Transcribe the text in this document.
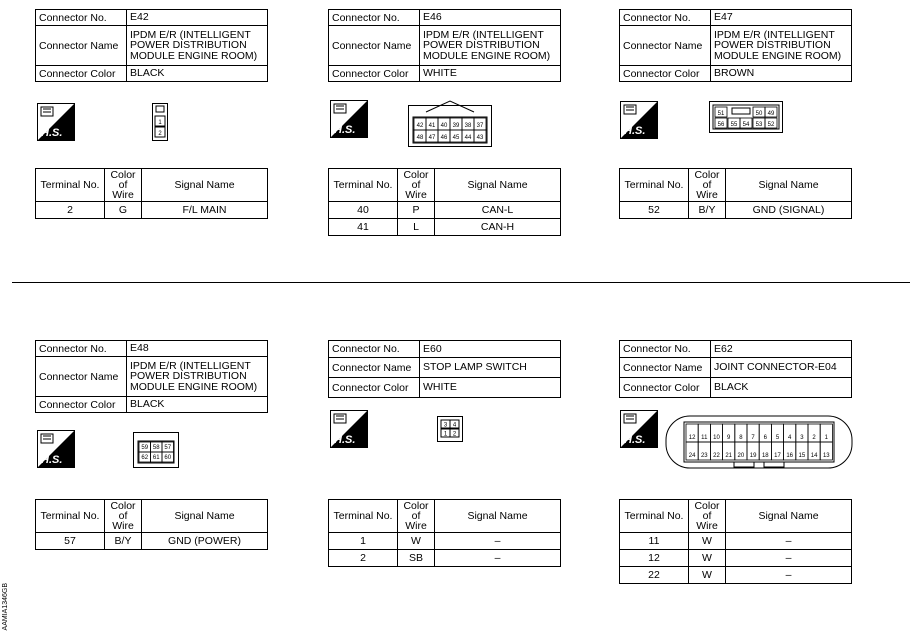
Connector No.	E42
Connector Name	IPDM E/R (INTELLIGENT POWER DISTRIBUTION MODULE ENGINE ROOM)
Connector Color	BLACK
H.S.
1
2
Terminal No.	Color of Wire	Signal Name
2	G	F/L MAIN
Connector No.	E46
Connector Name	IPDM E/R (INTELLIGENT POWER DISTRIBUTION MODULE ENGINE ROOM)
Connector Color	WHITE
H.S.	42 41 40 39 38 37
48 47 46 45 44 43
Terminal No.	Color of Wire	Signal Name
40	P	CAN-L
41	L	CAN-H
Connector No.	E47
Connector Name	IPDM E/R (INTELLIGENT POWER DISTRIBUTION MODULE ENGINE ROOM)
Connector Color	BROWN
H.S.
51	50 49
56 55 54 53 52
Terminal No.	Color of Wire	Signal Name
52	B/Y	GND (SIGNAL)
Connector No.	E48
Connector Name	IPDM E/R (INTELLIGENT POWER DISTRIBUTION MODULE ENGINE ROOM)
Connector Color	BLACK
H.S.
59 58 57
62 61 60
Terminal No.	Color of Wire	Signal Name
57	B/Y	GND (POWER)
Connector No.	E60
Connector Name	STOP LAMP SWITCH
Connector Color	WHITE
H.S.
3 4
1 2
Terminal No.	Color of Wire	Signal Name
1	W	–
2	SB	–
Connector No.	E62
Connector Name	JOINT CONNECTOR-E04
Connector Color	BLACK
H.S.	12 11 10 9 8 7 6 5 4 3 2 1
24 23 22 21 20 19 18 17 16 15 14 13
Terminal No.	Color of Wire	Signal Name
11	W	–
12	W	–
22	W	–
AAMIA1346GB
